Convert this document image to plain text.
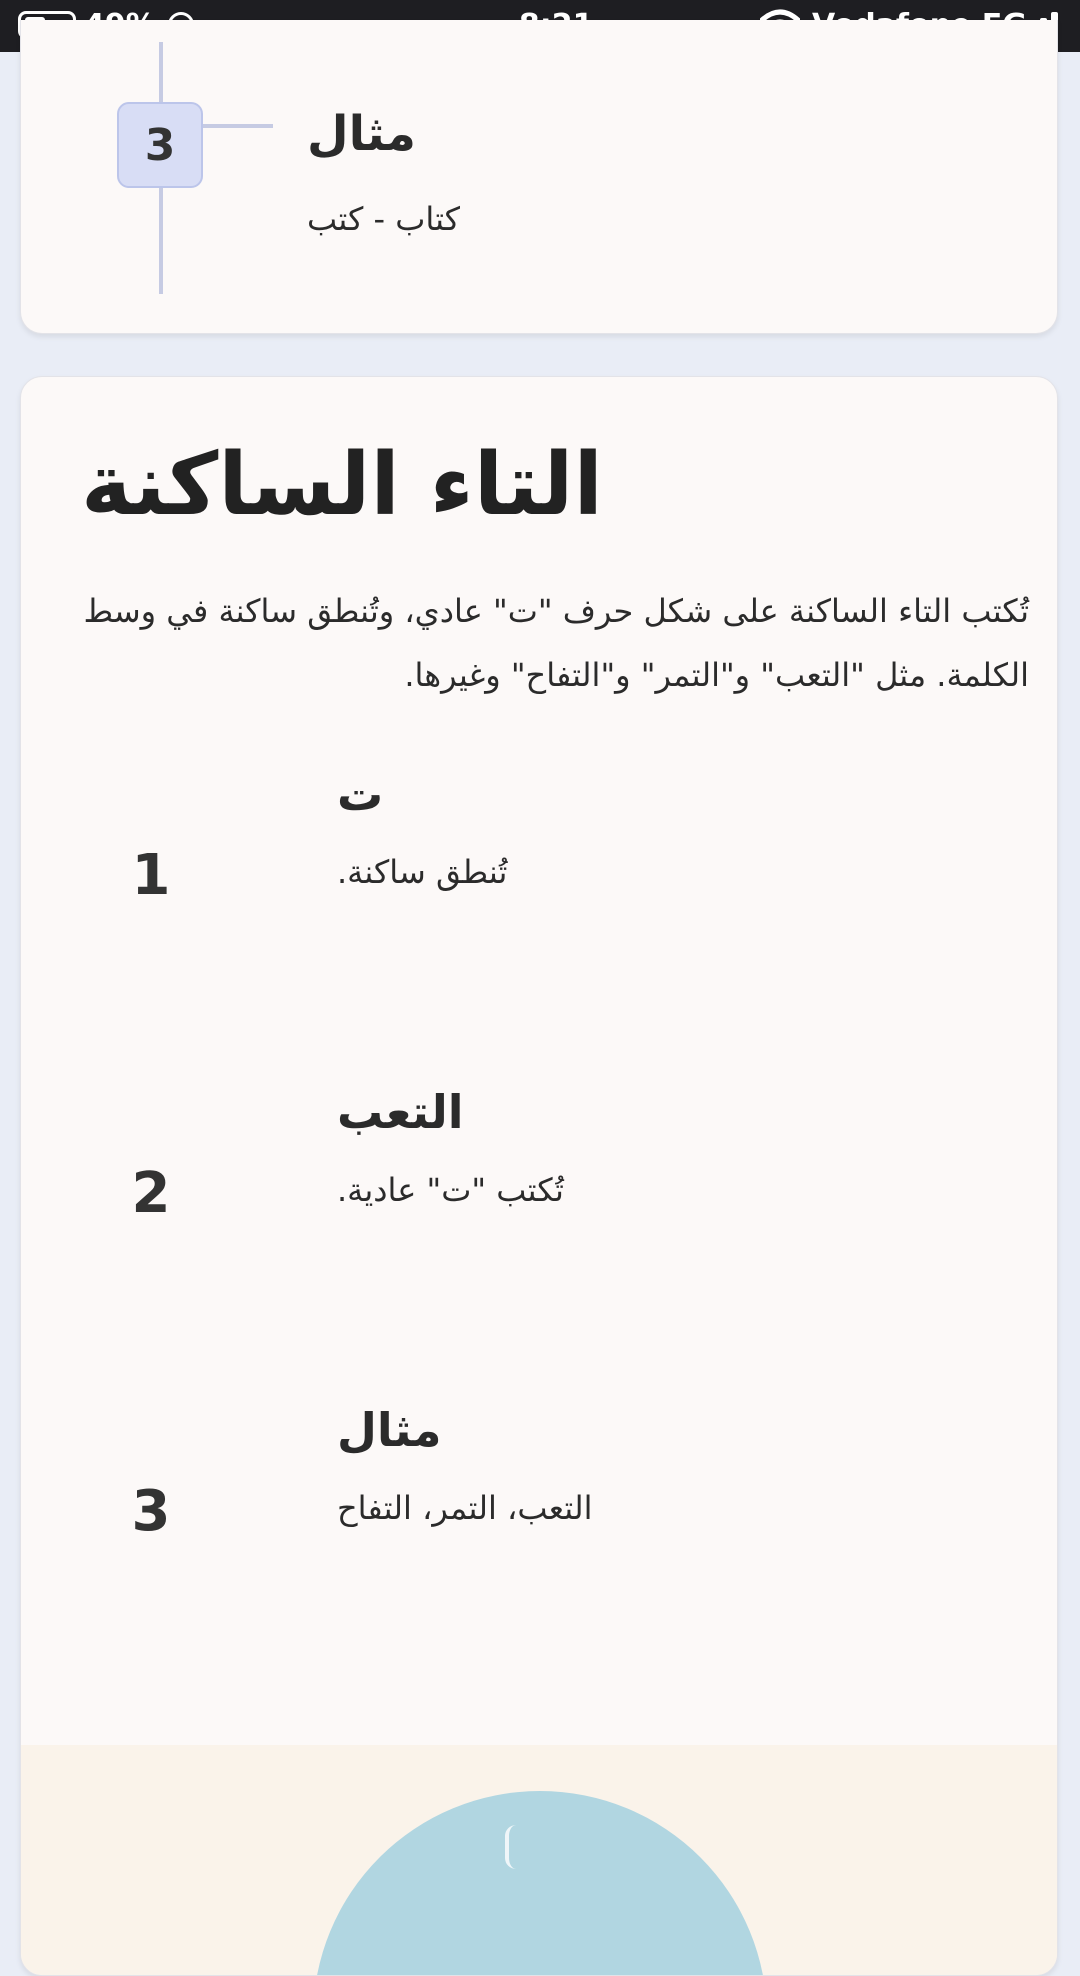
3	مثال
كتاب - كتب
التاء الساكنة
تُكتب التاء الساكنة على شكل حرف "ت" عادي، وتُنطق ساكنة في وسط الكلمة. مثل "التعب" و"التمر" و"التفاح" وغيرها.
ت
1	تُنطق ساكنة.
التعب
2	تُكتب "ت" عادية.
مثال
3	التعب، التمر، التفاح
